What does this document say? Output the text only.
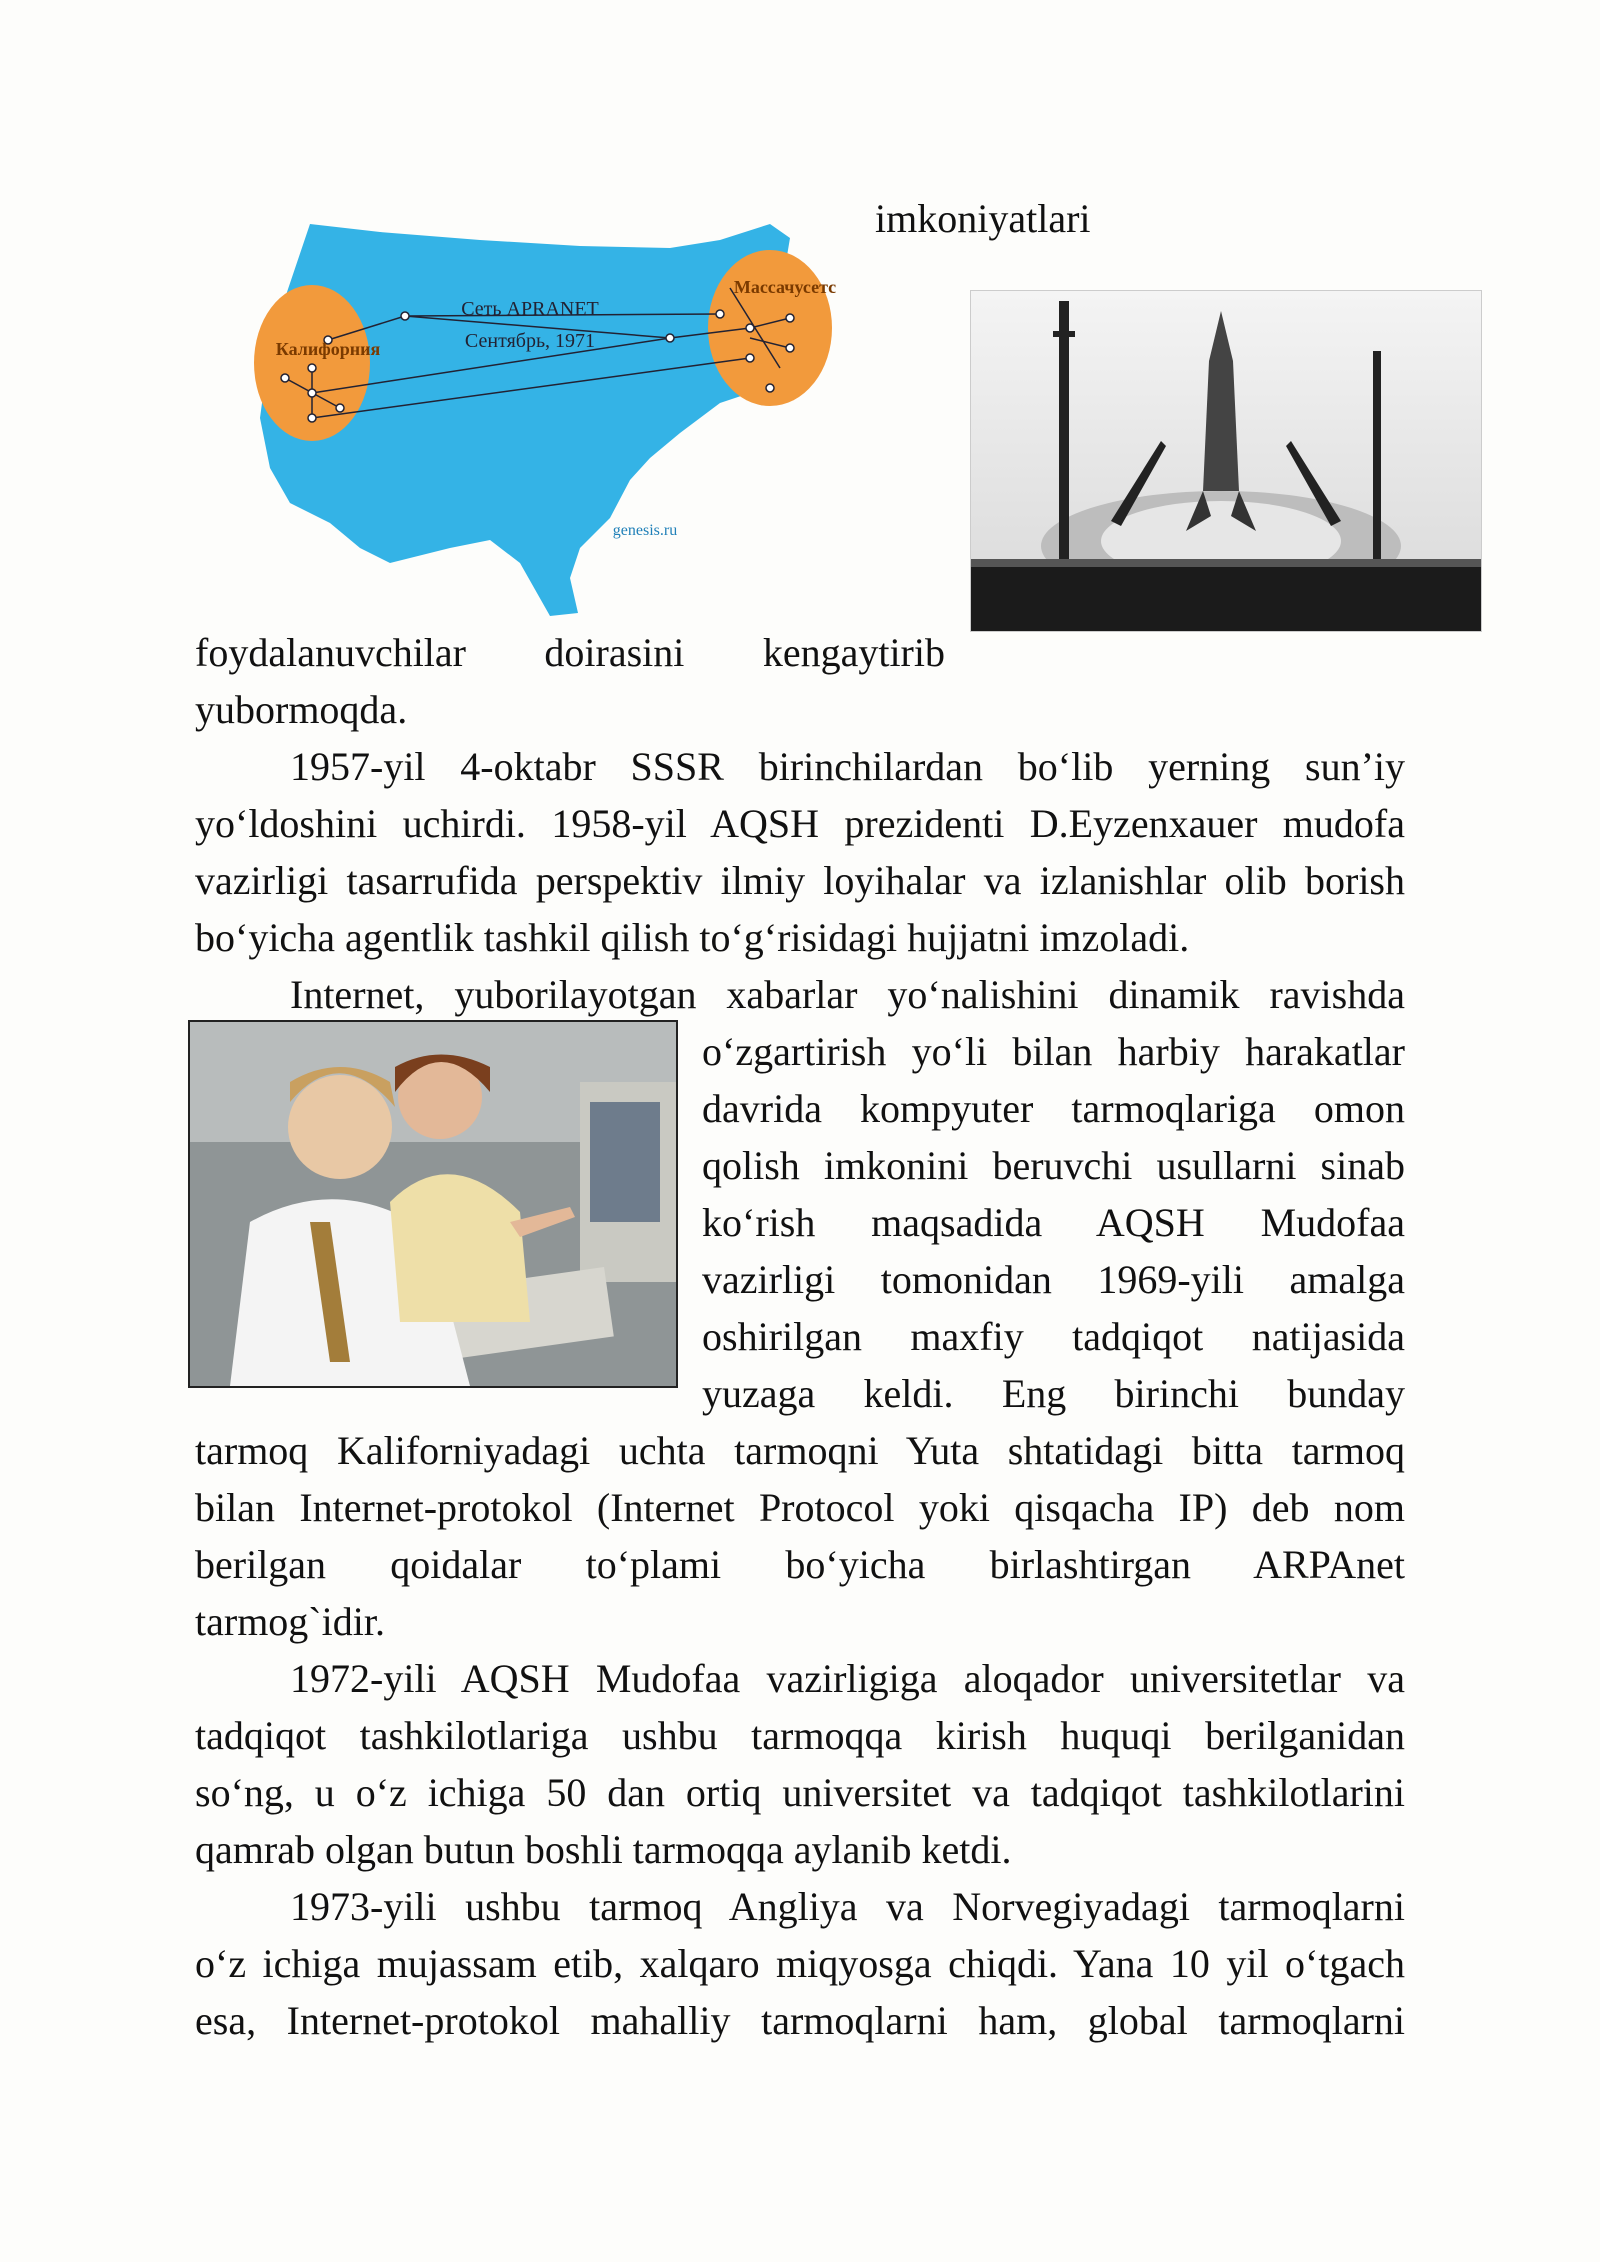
Сеть APRANET
Сентябрь, 1971
Калифорния
Массачусетс
genesis.ru
imkoniyatlari
foydalanuvchilar doirasini kengaytirib
yubormoqda.
1957-yil 4-oktabr SSSR birinchilardan bo‘lib yerning sun’iy
yo‘ldoshini uchirdi. 1958-yil AQSH prezidenti D.Eyzenxauer mudofa
vazirligi tasarrufida perspektiv ilmiy loyihalar va izlanishlar olib borish
bo‘yicha agentlik tashkil qilish to‘g‘risidagi hujjatni imzoladi.
Internet, yuborilayotgan xabarlar yo‘nalishini dinamik ravishda
o‘zgartirish yo‘li bilan harbiy harakatlar
davrida kompyuter tarmoqlariga omon
qolish imkonini beruvchi usullarni sinab
ko‘rish maqsadida AQSH Mudofaa
vazirligi tomonidan 1969-yili amalga
oshirilgan maxfiy tadqiqot natijasida
yuzaga keldi. Eng birinchi bunday
tarmoq Kaliforniyadagi uchta tarmoqni Yuta shtatidagi bitta tarmoq
bilan Internet-protokol (Internet Protocol yoki qisqacha IP) deb nom
berilgan qoidalar to‘plami bo‘yicha birlashtirgan ARPAnet
tarmog`idir.
1972-yili AQSH Mudofaa vazirligiga aloqador universitetlar va
tadqiqot tashkilotlariga ushbu tarmoqqa kirish huquqi berilganidan
so‘ng, u o‘z ichiga 50 dan ortiq universitet va tadqiqot tashkilotlarini
qamrab olgan butun boshli tarmoqqa aylanib ketdi.
1973-yili ushbu tarmoq Angliya va Norvegiyadagi tarmoqlarni
o‘z ichiga mujassam etib, xalqaro miqyosga chiqdi. Yana 10 yil o‘tgach
esa, Internet-protokol mahalliy tarmoqlarni ham, global tarmoqlarni
